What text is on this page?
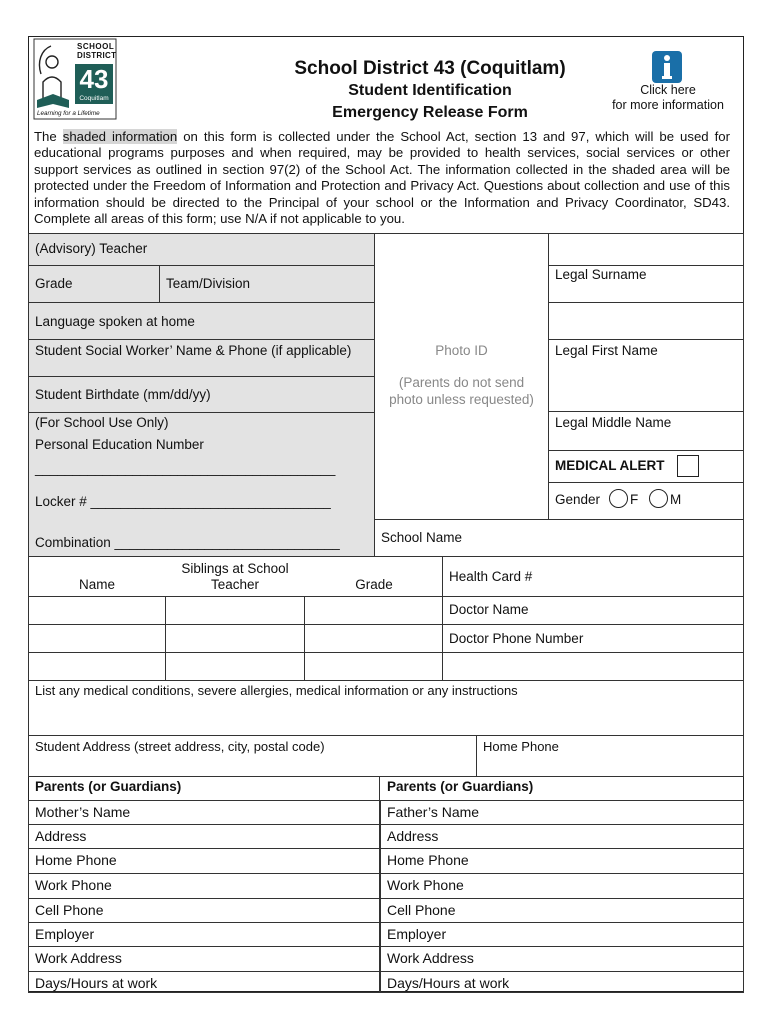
SCHOOL
DISTRICT
43
Coquitlam
Learning for a Lifetime
School District 43 (Coquitlam)
Student Identification
Emergency Release Form
Click here
for more information
The shaded information on this form is collected under the School Act, section 13 and 97, which will be used for educational programs purposes and when required, may be provided to health services, social services or other support services as outlined in section 97(2) of the School Act. The information collected in the shaded area will be protected under the Freedom of Information and Protection and Privacy Act. Questions about collection and use of this information should be directed to the Principal of your school or the Information and Privacy Coordinator, SD43. Complete all areas of this form; use N/A if not applicable to you.
(Advisory) Teacher
Grade	Team/Division
Language spoken at home
Student Social Worker’ Name & Phone (if applicable)
Student Birthdate (mm/dd/yy)
(For School Use Only)
Personal Education Number
________________________________________
Locker # ________________________________
Combination ______________________________
Photo ID
(Parents do not send
photo unless requested)
Legal Surname
Legal First Name
Legal Middle Name
MEDICAL ALERT
Gender F M
School Name
Siblings at School
Name	Teacher	Grade
Health Card #
Doctor Name
Doctor Phone Number
List any medical conditions, severe allergies, medical information or any instructions
Student Address (street address, city, postal code)	Home Phone
Parents (or Guardians)	Parents (or Guardians)
Mother’s Name	Father’s Name
Address	Address
Home Phone	Home Phone
Work Phone	Work Phone
Cell Phone	Cell Phone
Employer	Employer
Work Address	Work Address
Days/Hours at work	Days/Hours at work
